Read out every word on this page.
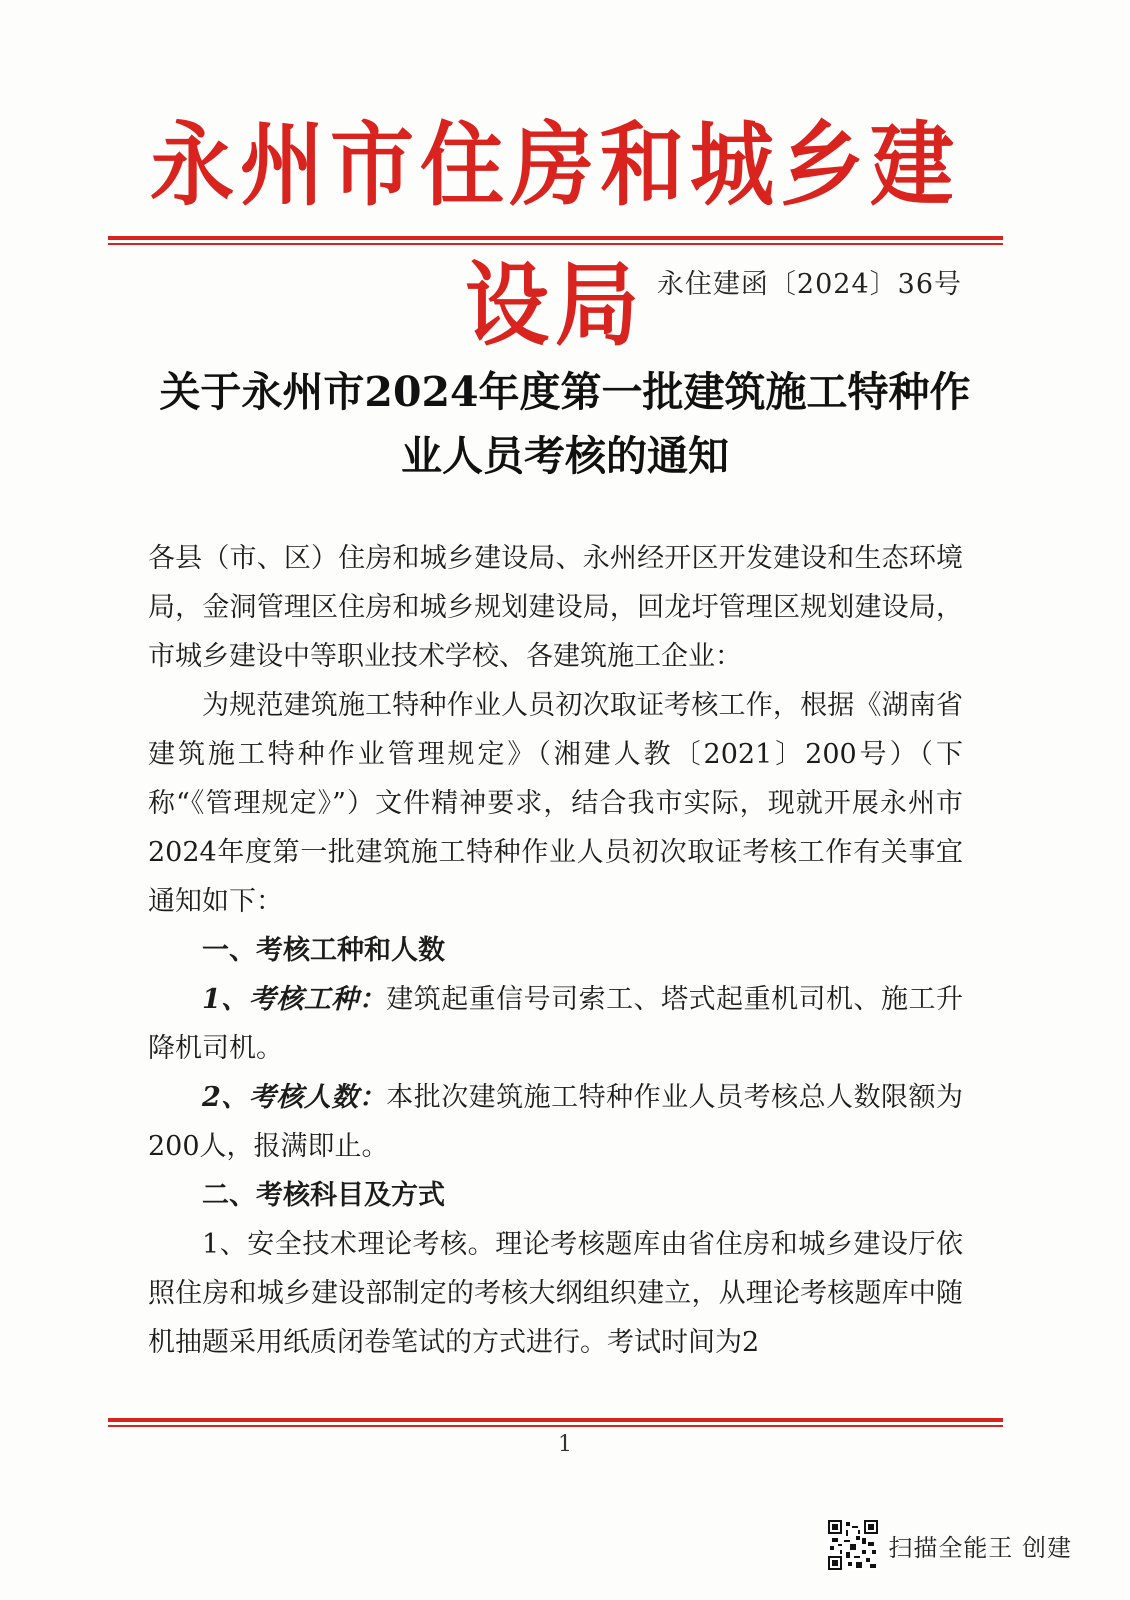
永州市住房和城乡建设局 永住建函〔2024〕36号
关于永州市2024年度第一批建筑施工特种作
业人员考核的通知

各县（市、区）住房和城乡建设局、永州经开区开发建设和生态环境局，金洞管理区住房和城乡规划建设局，回龙圩管理区规划建设局，市城乡建设中等职业技术学校、各建筑施工企业：

为规范建筑施工特种作业人员初次取证考核工作，根据《湖南省建筑施工特种作业管理规定》（湘建人教〔2021〕200号）（下称“《管理规定》”）文件精神要求，结合我市实际，现就开展永州市2024年度第一批建筑施工特种作业人员初次取证考核工作有关事宜通知如下：

一、考核工种和人数

1、考核工种：建筑起重信号司索工、塔式起重机司机、施工升降机司机。

2、考核人数：本批次建筑施工特种作业人员考核总人数限额为200人，报满即止。

二、考核科目及方式

1、安全技术理论考核。理论考核题库由省住房和城乡建设厅依照住房和城乡建设部制定的考核大纲组织建立，从理论考核题库中随机抽题采用纸质闭卷笔试的方式进行。考试时间为2

1
扫描全能王 创建
